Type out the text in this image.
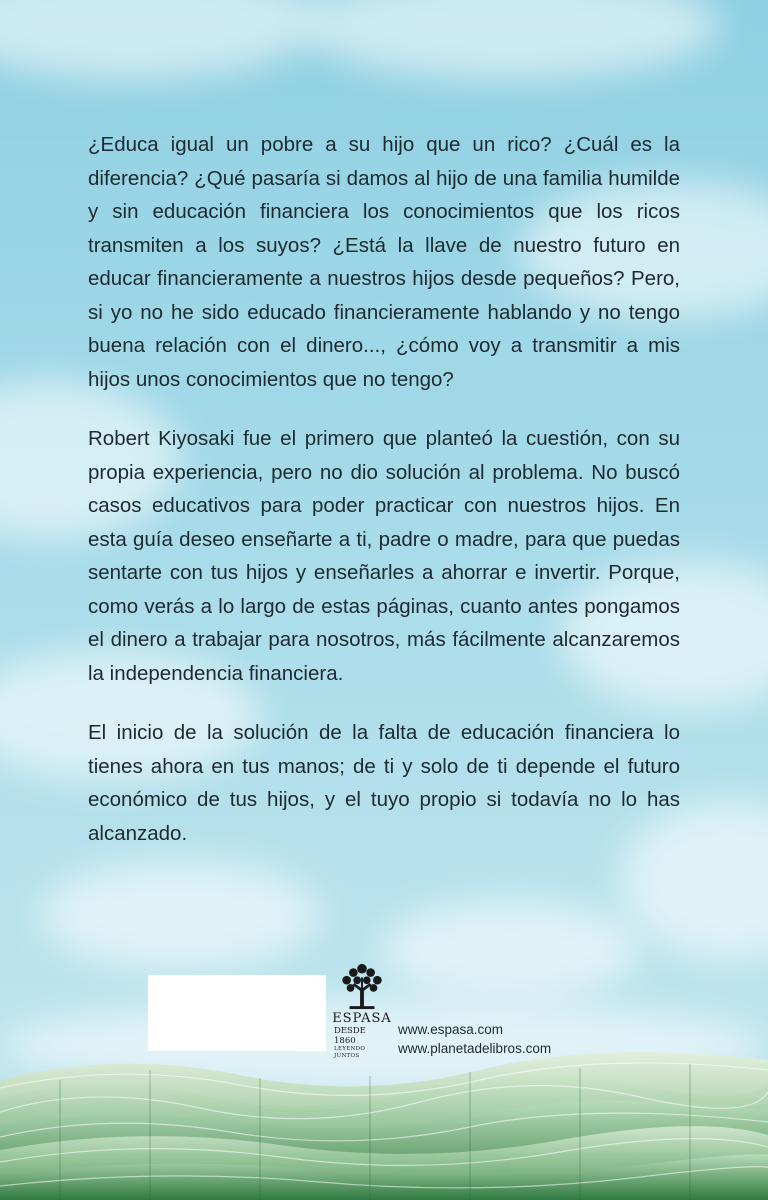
¿Educa igual un pobre a su hijo que un rico? ¿Cuál es la diferencia? ¿Qué pasaría si damos al hijo de una familia humilde y sin educación financiera los conocimientos que los ricos transmiten a los suyos? ¿Está la llave de nuestro futuro en educar financieramente a nuestros hijos desde pequeños? Pero, si yo no he sido educado financieramente hablando y no tengo buena relación con el dinero..., ¿cómo voy a transmitir a mis hijos unos conocimientos que no tengo?

Robert Kiyosaki fue el primero que planteó la cuestión, con su propia experiencia, pero no dio solución al problema. No buscó casos educativos para poder practicar con nuestros hijos. En esta guía deseo enseñarte a ti, padre o madre, para que puedas sentarte con tus hijos y enseñarles a ahorrar e invertir. Porque, como verás a lo largo de estas páginas, cuanto antes pongamos el dinero a trabajar para nosotros, más fácilmente alcanzaremos la independencia financiera.

El inicio de la solución de la falta de educación financiera lo tienes ahora en tus manos; de ti y solo de ti depende el futuro económico de tus hijos, y el tuyo propio si todavía no lo has alcanzado.

ESPASA
DESDE 1860
LEYENDO JUNTOS
www.espasa.com
www.planetadelibros.com
